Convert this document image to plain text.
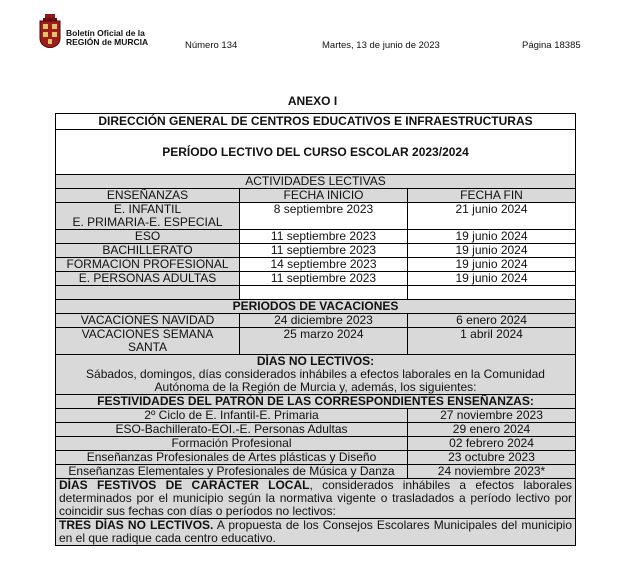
Boletín Oficial de la
REGIÓN de MURCIA	Número 134	Martes, 13 de junio de 2023	Página 18385
ANEXO I
DIRECCIÓN GENERAL DE CENTROS EDUCATIVOS E INFRAESTRUCTURAS		
PERÍODO LECTIVO DEL CURSO ESCOLAR 2023/2024		
ACTIVIDADES LECTIVAS		
ENSEÑANZAS	FECHA INICIO	FECHA FIN

E. INFANTIL
E. PRIMARIA-E. ESPECIAL	8 septiembre 2023	21 junio 2024
ESO	11 septiembre 2023	19 junio 2024
BACHILLERATO	11 septiembre 2023	19 junio 2024
FORMACION PROFESIONAL	14 septiembre 2023	19 junio 2024
E. PERSONAS ADULTAS	11 septiembre 2023	19 junio 2024

PERIODOS DE VACACIONES		
VACACIONES NAVIDAD	24 diciembre 2023	6 enero 2024

VACACIONES SEMANA
SANTA	25 marzo 2024	1 abril 2024

DÍAS NO LECTIVOS:
Sábados, domingos, días considerados inhábiles a efectos laborales en la Comunidad
Autónoma de la Región de Murcia y, además, los siguientes:		

FESTIVIDADES DEL PATRÓN DE LAS CORRESPONDIENTES ENSEÑANZAS:		
2º Ciclo de E. Infantil-E. Primaria		27 noviembre 2023
ESO-Bachillerato-EOI.-E. Personas Adultas		29 enero 2024
Formación Profesional		02 febrero 2024
Enseñanzas Profesionales de Artes plásticas y Diseño		23 octubre 2023
Enseñanzas Elementales y Profesionales de Música y Danza		24 noviembre 2023*
DÍAS FESTIVOS DE CARÁCTER LOCAL, considerados inhábiles a efectos laborales determinados por el municipio según la normativa vigente o trasladados a período lectivo por coincidir sus fechas con días o períodos no lectivos:		
TRES DÍAS NO LECTIVOS. A propuesta de los Consejos Escolares Municipales del municipio en el que radique cada centro educativo.		
